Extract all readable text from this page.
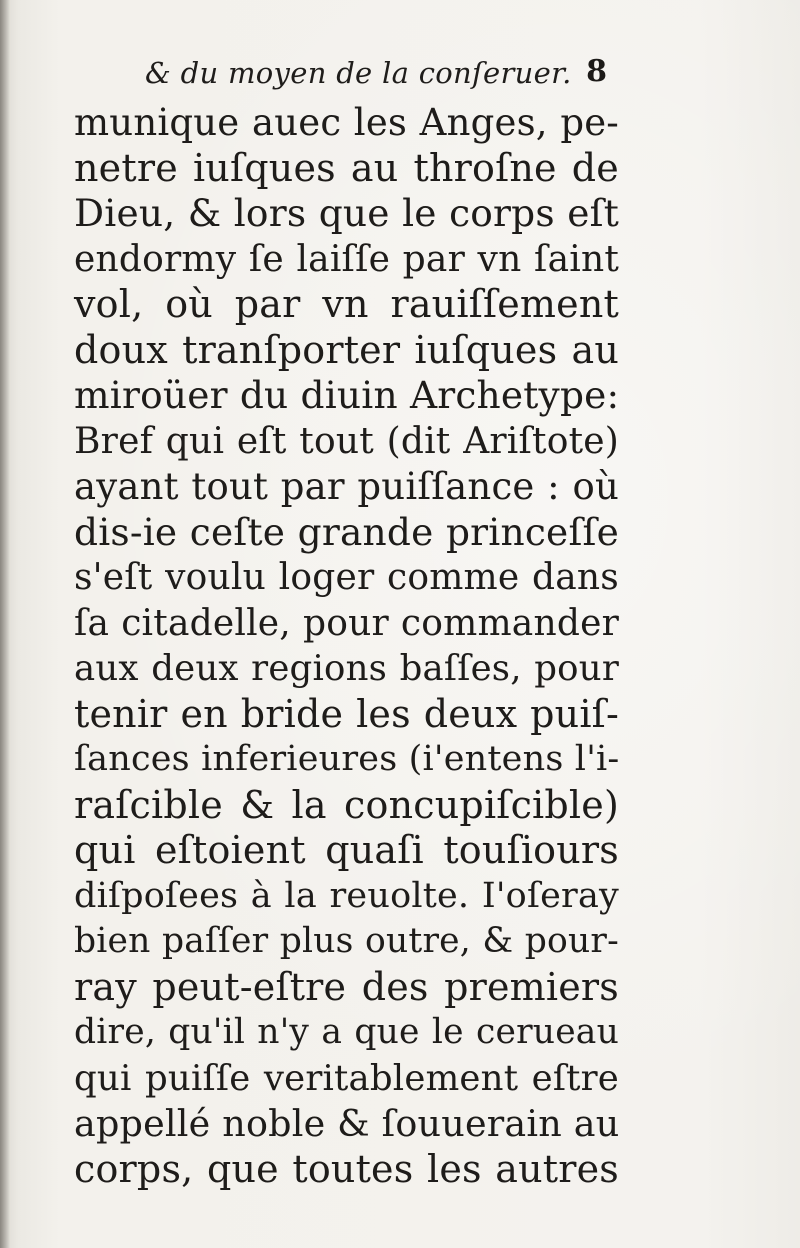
& du moyen de la conſeruer. 8
munique auec les Anges, pe-
netre iuſques au throſne de
Dieu, & lors que le corps eſt
endormy ſe laiſſe par vn ſaint
vol, où par vn rauiſſement
doux tranſporter iuſques au
miroüer du diuin Archetype:
Bref qui eſt tout (dit Ariſtote)
ayant tout par puiſſance : où
dis-ie ceſte grande princeſſe
s'eſt voulu loger comme dans
ſa citadelle, pour commander
aux deux regions baſſes, pour
tenir en bride les deux puiſ-
ſances inferieures (i'entens l'i-
raſcible & la concupiſcible)
qui eſtoient quaſi touſiours
diſpoſees à la reuolte. I'oſeray
bien paſſer plus outre, & pour-
ray peut-eſtre des premiers
dire, qu'il n'y a que le cerueau
qui puiſſe veritablement eſtre
appellé noble & ſouuerain au
corps, que toutes les autres
